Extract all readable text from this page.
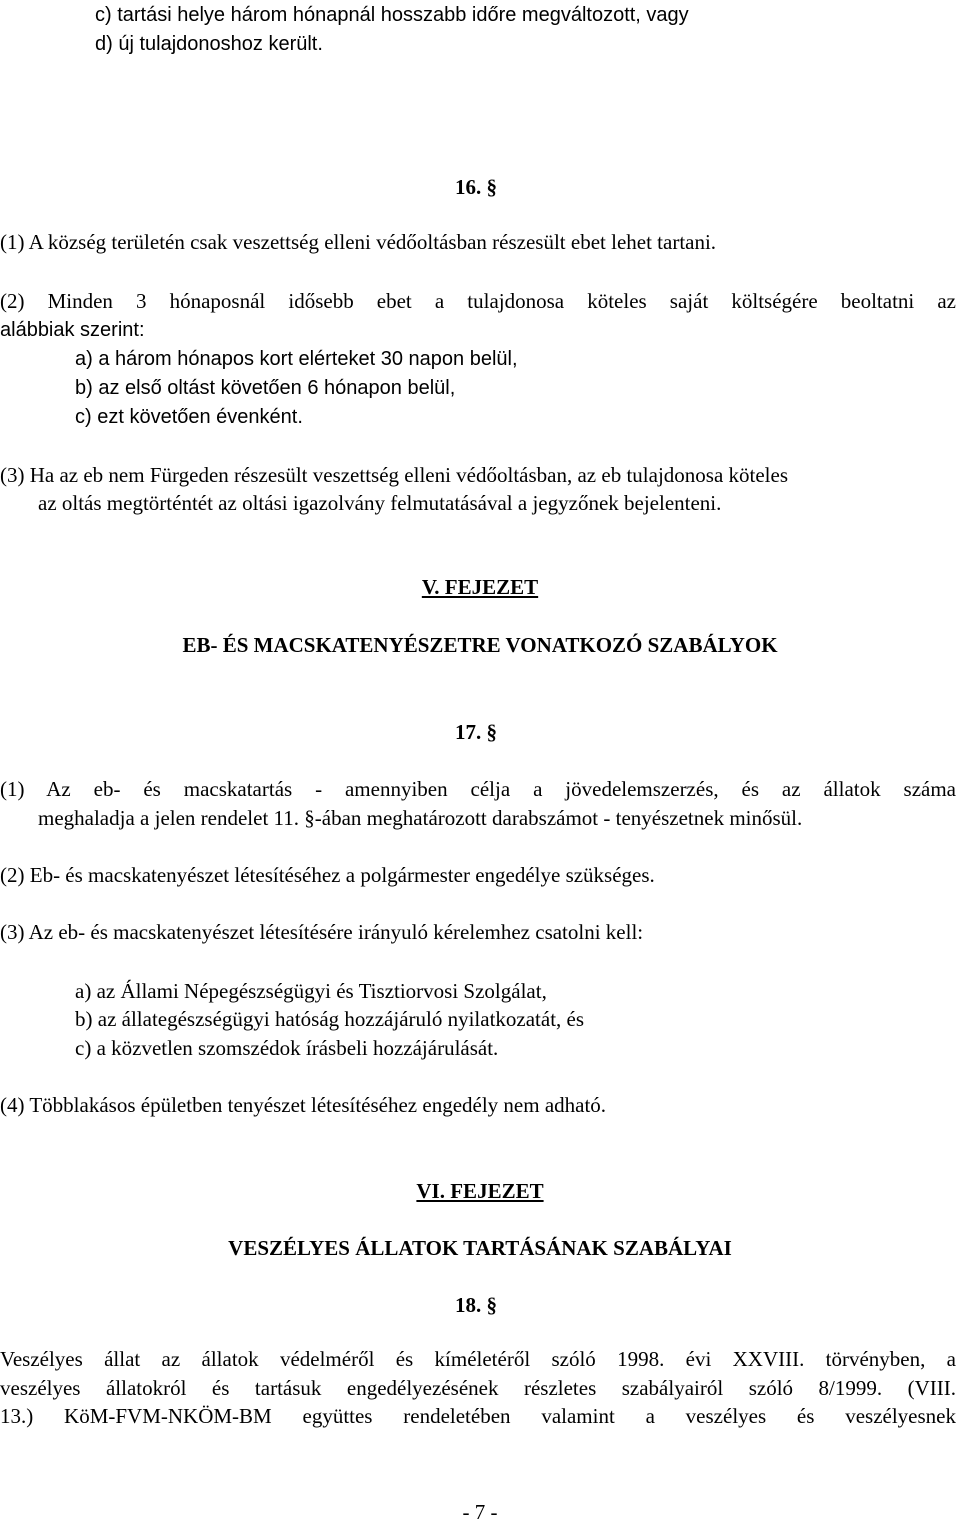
c) tartási helye három hónapnál hosszabb időre megváltozott, vagy
d) új tulajdonoshoz került.
16. §
(1) A község területén csak veszettség elleni védőoltásban részesült ebet lehet tartani.
(2) Minden 3 hónaposnál idősebb ebet a tulajdonosa köteles saját költségére beoltatni az
alábbiak szerint:
a) a három hónapos kort elérteket 30 napon belül,
b) az első oltást követően 6 hónapon belül,
c) ezt követően évenként.
(3) Ha az eb nem Fürgeden részesült veszettség elleni védőoltásban, az eb tulajdonosa köteles
az oltás megtörténtét az oltási igazolvány felmutatásával a jegyzőnek bejelenteni.
V. FEJEZET
EB- ÉS MACSKATENYÉSZETRE VONATKOZÓ SZABÁLYOK
17. §
(1) Az eb- és macskatartás - amennyiben célja a jövedelemszerzés, és az állatok száma
meghaladja a jelen rendelet 11. §-ában meghatározott darabszámot - tenyészetnek minősül.
(2) Eb- és macskatenyészet létesítéséhez a polgármester engedélye szükséges.
(3) Az eb- és macskatenyészet létesítésére irányuló kérelemhez csatolni kell:
a) az Állami Népegészségügyi és Tisztiorvosi Szolgálat,
b) az állategészségügyi hatóság hozzájáruló nyilatkozatát, és
c) a közvetlen szomszédok írásbeli hozzájárulását.
(4) Többlakásos épületben tenyészet létesítéséhez engedély nem adható.
VI. FEJEZET
VESZÉLYES ÁLLATOK TARTÁSÁNAK SZABÁLYAI
18. §
Veszélyes állat az állatok védelméről és kíméletéről szóló 1998. évi XXVIII. törvényben, a
veszélyes állatokról és tartásuk engedélyezésének részletes szabályairól szóló 8/1999. (VIII.
13.) KöM-FVM-NKÖM-BM együttes rendeletében valamint a veszélyes és veszélyesnek
- 7 -
